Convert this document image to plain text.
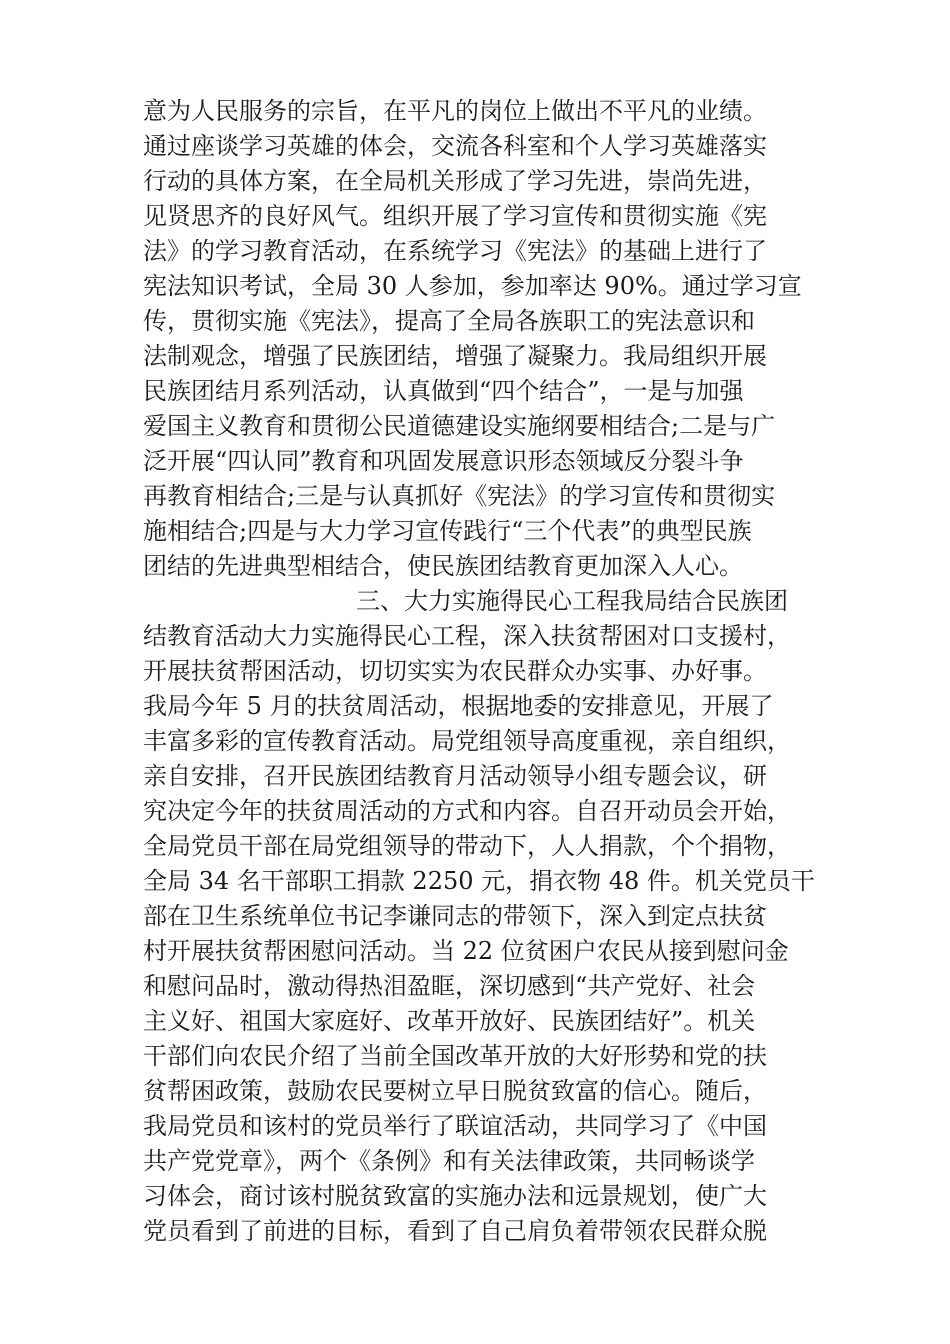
意为人民服务的宗旨，在平凡的岗位上做出不平凡的业绩。
通过座谈学习英雄的体会，交流各科室和个人学习英雄落实
行动的具体方案，在全局机关形成了学习先进，崇尚先进，
见贤思齐的良好风气。组织开展了学习宣传和贯彻实施《宪
法》的学习教育活动，在系统学习《宪法》的基础上进行了
宪法知识考试，全局 30 人参加，参加率达 90%。通过学习宣
传，贯彻实施《宪法》，提高了全局各族职工的宪法意识和
法制观念，增强了民族团结，增强了凝聚力。我局组织开展
民族团结月系列活动，认真做到“四个结合”，一是与加强
爱国主义教育和贯彻公民道德建设实施纲要相结合;二是与广
泛开展“四认同”教育和巩固发展意识形态领域反分裂斗争
再教育相结合;三是与认真抓好《宪法》的学习宣传和贯彻实
施相结合;四是与大力学习宣传践行“三个代表”的典型民族
团结的先进典型相结合，使民族团结教育更加深入人心。
三、大力实施得民心工程我局结合民族团
结教育活动大力实施得民心工程，深入扶贫帮困对口支援村，
开展扶贫帮困活动，切切实实为农民群众办实事、办好事。
我局今年 5 月的扶贫周活动，根据地委的安排意见，开展了
丰富多彩的宣传教育活动。局党组领导高度重视，亲自组织，
亲自安排，召开民族团结教育月活动领导小组专题会议，研
究决定今年的扶贫周活动的方式和内容。自召开动员会开始，
全局党员干部在局党组领导的带动下，人人捐款，个个捐物，
全局 34 名干部职工捐款 2250 元，捐衣物 48 件。机关党员干
部在卫生系统单位书记李谦同志的带领下，深入到定点扶贫
村开展扶贫帮困慰问活动。当 22 位贫困户农民从接到慰问金
和慰问品时，激动得热泪盈眶，深切感到“共产党好、社会
主义好、祖国大家庭好、改革开放好、民族团结好”。机关
干部们向农民介绍了当前全国改革开放的大好形势和党的扶
贫帮困政策，鼓励农民要树立早日脱贫致富的信心。随后，
我局党员和该村的党员举行了联谊活动，共同学习了《中国
共产党党章》，两个《条例》和有关法律政策，共同畅谈学
习体会，商讨该村脱贫致富的实施办法和远景规划，使广大
党员看到了前进的目标，看到了自己肩负着带领农民群众脱
